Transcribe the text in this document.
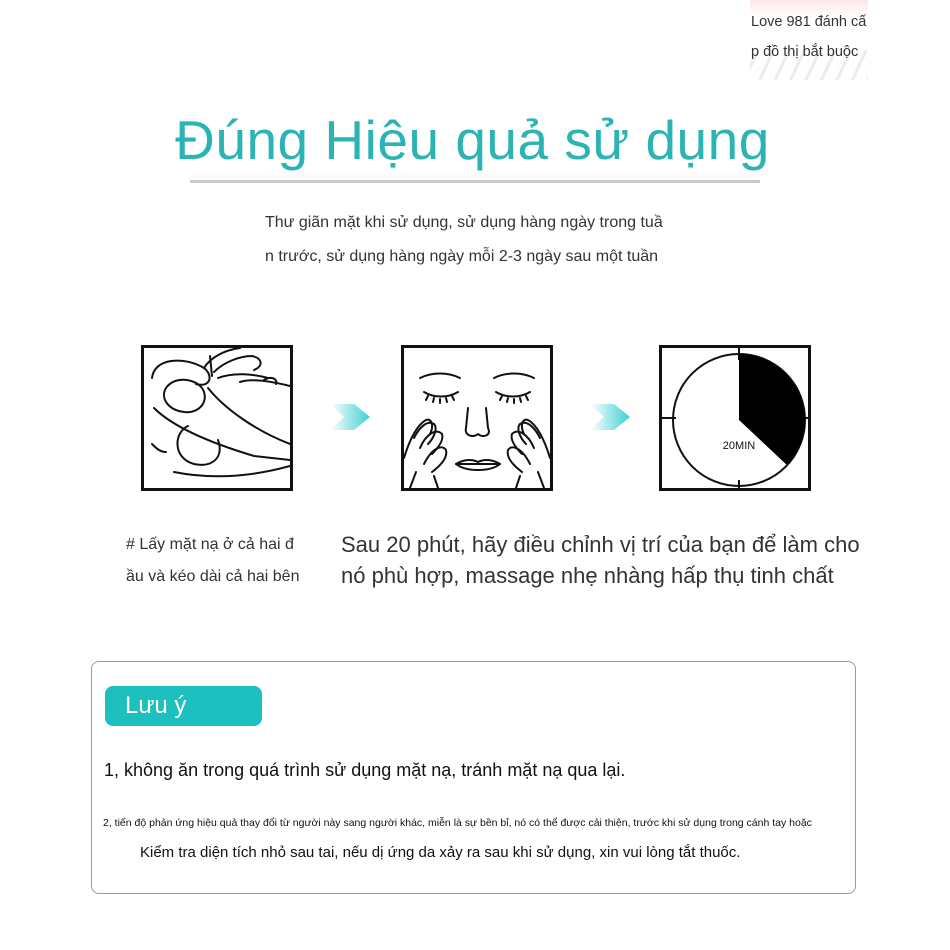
Love 981 đánh cấ
p đồ thị bắt buộc
Đúng Hiệu quả sử dụng
Thư giãn mặt khi sử dụng, sử dụng hàng ngày trong tuầ
n trước, sử dụng hàng ngày mỗi 2-3 ngày sau một tuần
20MIN
# Lấy mặt nạ ở cả hai đ
ầu và kéo dài cả hai bên
Sau 20 phút, hãy điều chỉnh vị trí của bạn để làm cho
nó phù hợp, massage nhẹ nhàng hấp thụ tinh chất
Lưu ý
1, không ăn trong quá trình sử dụng mặt nạ, tránh mặt nạ qua lại.
2, tiến độ phản ứng hiệu quả thay đổi từ người này sang người khác, miễn là sự bền bỉ, nó có thể được cải thiện, trước khi sử dụng trong cánh tay hoặc
Kiểm tra diện tích nhỏ sau tai, nếu dị ứng da xảy ra sau khi sử dụng, xin vui lòng tắt thuốc.
